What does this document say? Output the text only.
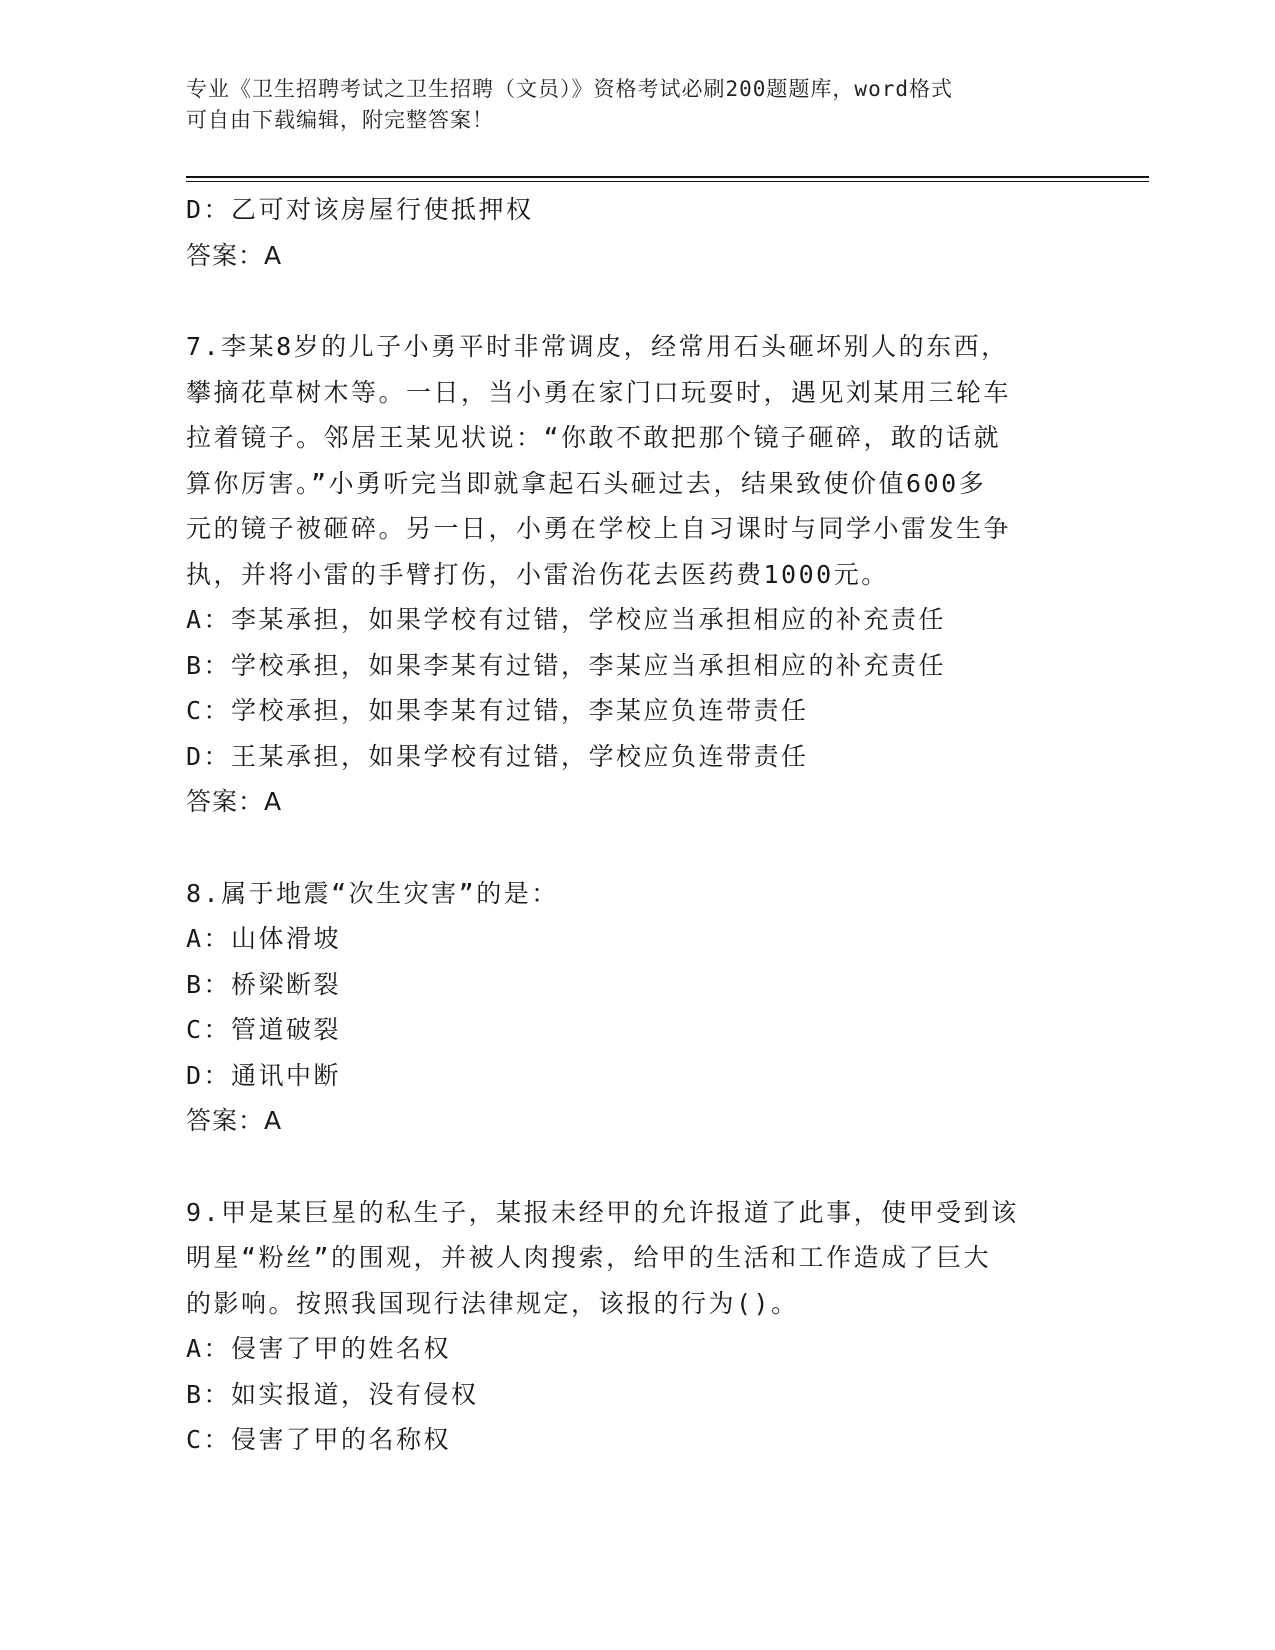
专业《卫生招聘考试之卫生招聘（文员）》资格考试必刷200题题库，word格式

可自由下载编辑，附完整答案！

D：乙可对该房屋行使抵押权

答案：A

7.李某8岁的儿子小勇平时非常调皮，经常用石头砸坏别人的东西，

攀摘花草树木等。一日，当小勇在家门口玩耍时，遇见刘某用三轮车

拉着镜子。邻居王某见状说：“你敢不敢把那个镜子砸碎，敢的话就

算你厉害。”小勇听完当即就拿起石头砸过去，结果致使价值600多

元的镜子被砸碎。另一日，小勇在学校上自习课时与同学小雷发生争

执，并将小雷的手臂打伤，小雷治伤花去医药费1000元。

A：李某承担，如果学校有过错，学校应当承担相应的补充责任

B：学校承担，如果李某有过错，李某应当承担相应的补充责任

C：学校承担，如果李某有过错，李某应负连带责任

D：王某承担，如果学校有过错，学校应负连带责任

答案：A

8.属于地震“次生灾害”的是：

A：山体滑坡

B：桥梁断裂

C：管道破裂

D：通讯中断

答案：A

9.甲是某巨星的私生子，某报未经甲的允许报道了此事，使甲受到该

明星“粉丝”的围观，并被人肉搜索，给甲的生活和工作造成了巨大

的影响。按照我国现行法律规定，该报的行为()。

A：侵害了甲的姓名权

B：如实报道，没有侵权

C：侵害了甲的名称权
